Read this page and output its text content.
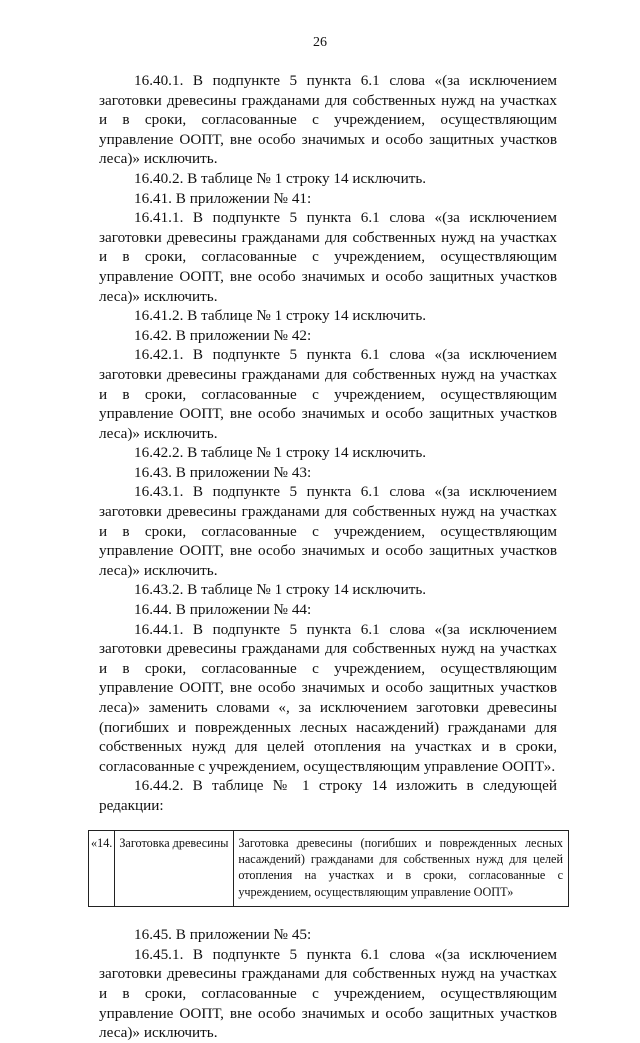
26

16.40.1. В подпункте 5 пункта 6.1 слова «(за исключением заготовки древесины гражданами для собственных нужд на участках и в сроки, согласованные с учреждением, осуществляющим управление ООПТ, вне особо значимых и особо защитных участков леса)» исключить.

16.40.2. В таблице № 1 строку 14 исключить.

16.41. В приложении № 41:

16.41.1. В подпункте 5 пункта 6.1 слова «(за исключением заготовки древесины гражданами для собственных нужд на участках и в сроки, согласованные с учреждением, осуществляющим управление ООПТ, вне особо значимых и особо защитных участков леса)» исключить.

16.41.2. В таблице № 1 строку 14 исключить.

16.42. В приложении № 42:

16.42.1. В подпункте 5 пункта 6.1 слова «(за исключением заготовки древесины гражданами для собственных нужд на участках и в сроки, согласованные с учреждением, осуществляющим управление ООПТ, вне особо значимых и особо защитных участков леса)» исключить.

16.42.2. В таблице № 1 строку 14 исключить.

16.43. В приложении № 43:

16.43.1. В подпункте 5 пункта 6.1 слова «(за исключением заготовки древесины гражданами для собственных нужд на участках и в сроки, согласованные с учреждением, осуществляющим управление ООПТ, вне особо значимых и особо защитных участков леса)» исключить.

16.43.2. В таблице № 1 строку 14 исключить.

16.44. В приложении № 44:

16.44.1. В подпункте 5 пункта 6.1 слова «(за исключением заготовки древесины гражданами для собственных нужд на участках и в сроки, согласованные с учреждением, осуществляющим управление ООПТ, вне особо значимых и особо защитных участков леса)» заменить словами «, за исключением заготовки древесины (погибших и поврежденных лесных насаждений) гражданами для собственных нужд для целей отопления на участках и в сроки, согласованные с учреждением, осуществляющим управление ООПТ».

16.44.2. В таблице № 1 строку 14 изложить в следующей редакции:

«14.	Заготовка древесины	Заготовка древесины (погибших и поврежденных лесных насаждений) гражданами для собственных нужд для целей отопления на участках и в сроки, согласованные с учреждением, осуществляющим управление ООПТ»

16.45. В приложении № 45:

16.45.1. В подпункте 5 пункта 6.1 слова «(за исключением заготовки древесины гражданами для собственных нужд на участках и в сроки, согласованные с учреждением, осуществляющим управление ООПТ, вне особо значимых и особо защитных участков леса)» исключить.
